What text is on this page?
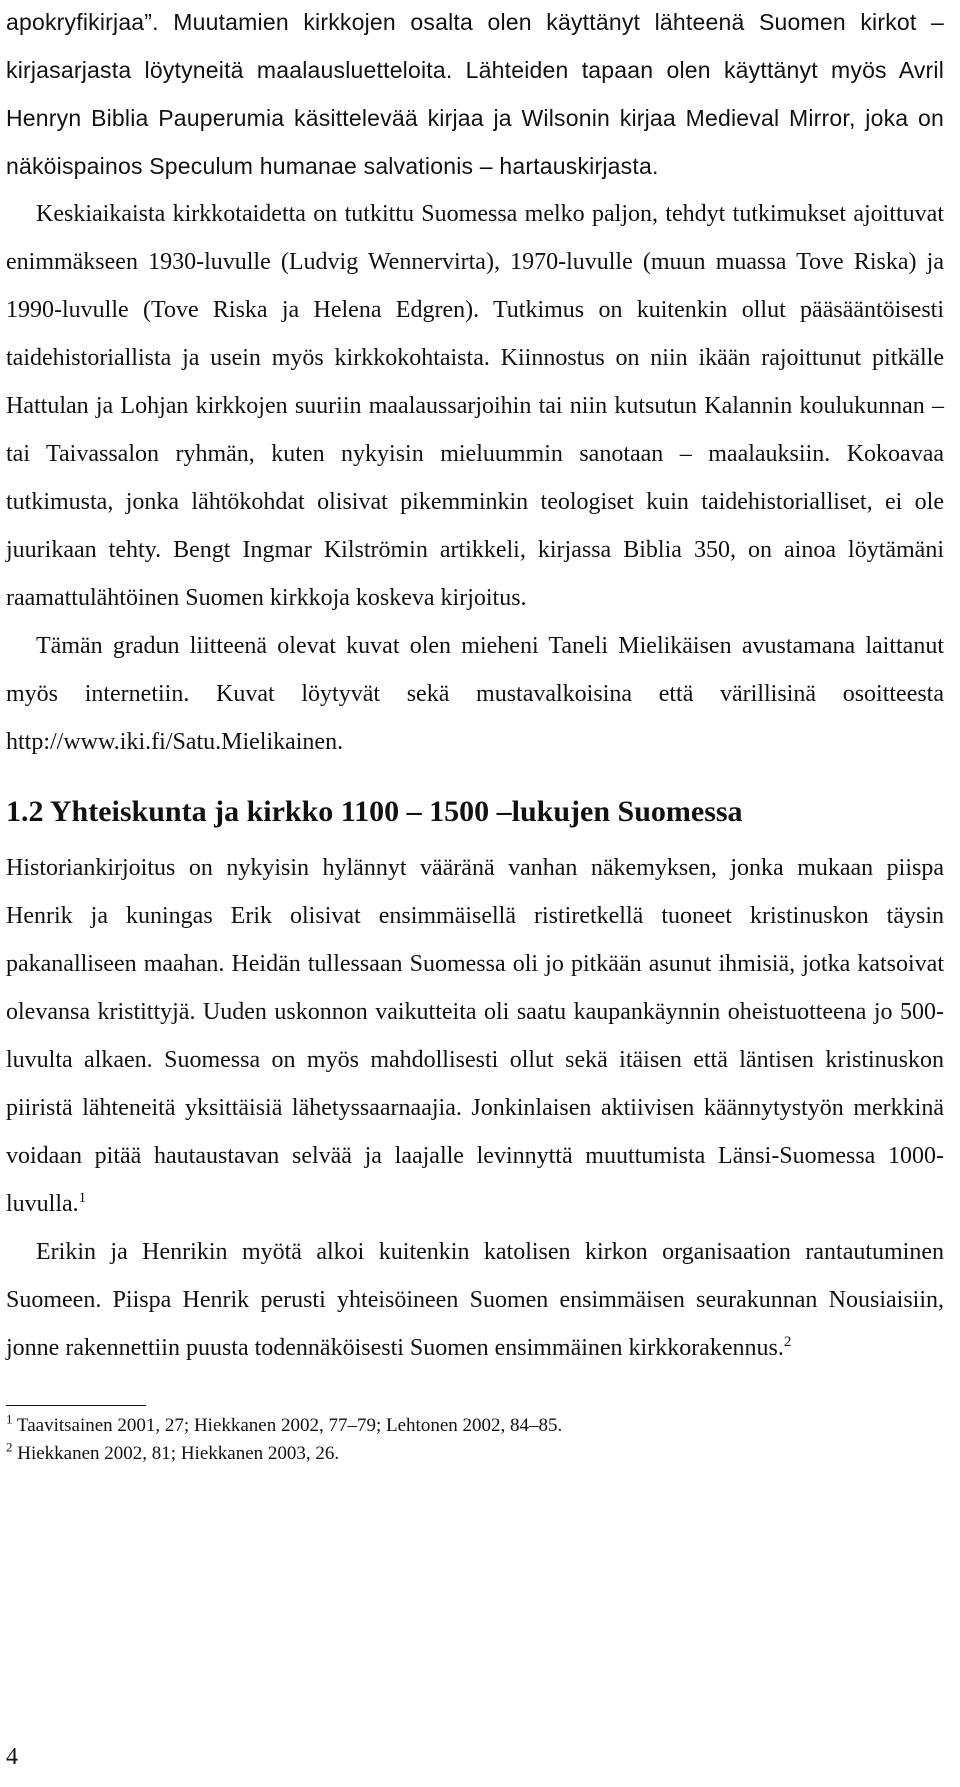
apokryfikirjaa”. Muutamien kirkkojen osalta olen käyttänyt lähteenä Suomen kirkot –kirjasarjasta löytyneitä maalausluetteloita. Lähteiden tapaan olen käyttänyt myös Avril Henryn Biblia Pauperumia käsittelevää kirjaa ja Wilsonin kirjaa Medieval Mirror, joka on näköispainos Speculum humanae salvationis – hartauskirjasta.

Keskiaikaista kirkkotaidetta on tutkittu Suomessa melko paljon, tehdyt tutkimukset ajoittuvat enimmäkseen 1930-luvulle (Ludvig Wennervirta), 1970-luvulle (muun muassa Tove Riska) ja 1990-luvulle (Tove Riska ja Helena Edgren). Tutkimus on kuitenkin ollut pääsääntöisesti taidehistoriallista ja usein myös kirkkokohtaista. Kiinnostus on niin ikään rajoittunut pitkälle Hattulan ja Lohjan kirkkojen suuriin maalaussarjoihin tai niin kutsutun Kalannin koulukunnan – tai Taivassalon ryhmän, kuten nykyisin mieluummin sanotaan – maalauksiin. Kokoavaa tutkimusta, jonka lähtökohdat olisivat pikemminkin teologiset kuin taidehistorialliset, ei ole juurikaan tehty. Bengt Ingmar Kilströmin artikkeli, kirjassa Biblia 350, on ainoa löytämäni raamattulähtöinen Suomen kirkkoja koskeva kirjoitus.

Tämän gradun liitteenä olevat kuvat olen mieheni Taneli Mielikäisen avustamana laittanut myös internetiin. Kuvat löytyvät sekä mustavalkoisina että värillisinä osoitteesta http://www.iki.fi/Satu.Mielikainen.

1.2 Yhteiskunta ja kirkko 1100 – 1500 –lukujen Suomessa

Historiankirjoitus on nykyisin hylännyt vääränä vanhan näkemyksen, jonka mukaan piispa Henrik ja kuningas Erik olisivat ensimmäisellä ristiretkellä tuoneet kristinuskon täysin pakanalliseen maahan. Heidän tullessaan Suomessa oli jo pitkään asunut ihmisiä, jotka katsoivat olevansa kristittyjä. Uuden uskonnon vaikutteita oli saatu kaupankäynnin oheistuotteena jo 500-luvulta alkaen. Suomessa on myös mahdollisesti ollut sekä itäisen että läntisen kristinuskon piiristä lähteneitä yksittäisiä lähetyssaarnaajia. Jonkinlaisen aktiivisen käännytystyön merkkinä voidaan pitää hautaustavan selvää ja laajalle levinnyttä muuttumista Länsi-Suomessa 1000-luvulla.$^1$

Erikin ja Henrikin myötä alkoi kuitenkin katolisen kirkon organisaation rantautuminen Suomeen. Piispa Henrik perusti yhteisöineen Suomen ensimmäisen seurakunnan Nousiaisiin, jonne rakennettiin puusta todennäköisesti Suomen ensimmäinen kirkkorakennus.$^2$

$^1$ Taavitsainen 2001, 27; Hiekkanen 2002, 77–79; Lehtonen 2002, 84–85.

$^2$ Hiekkanen 2002, 81; Hiekkanen 2003, 26.

4
